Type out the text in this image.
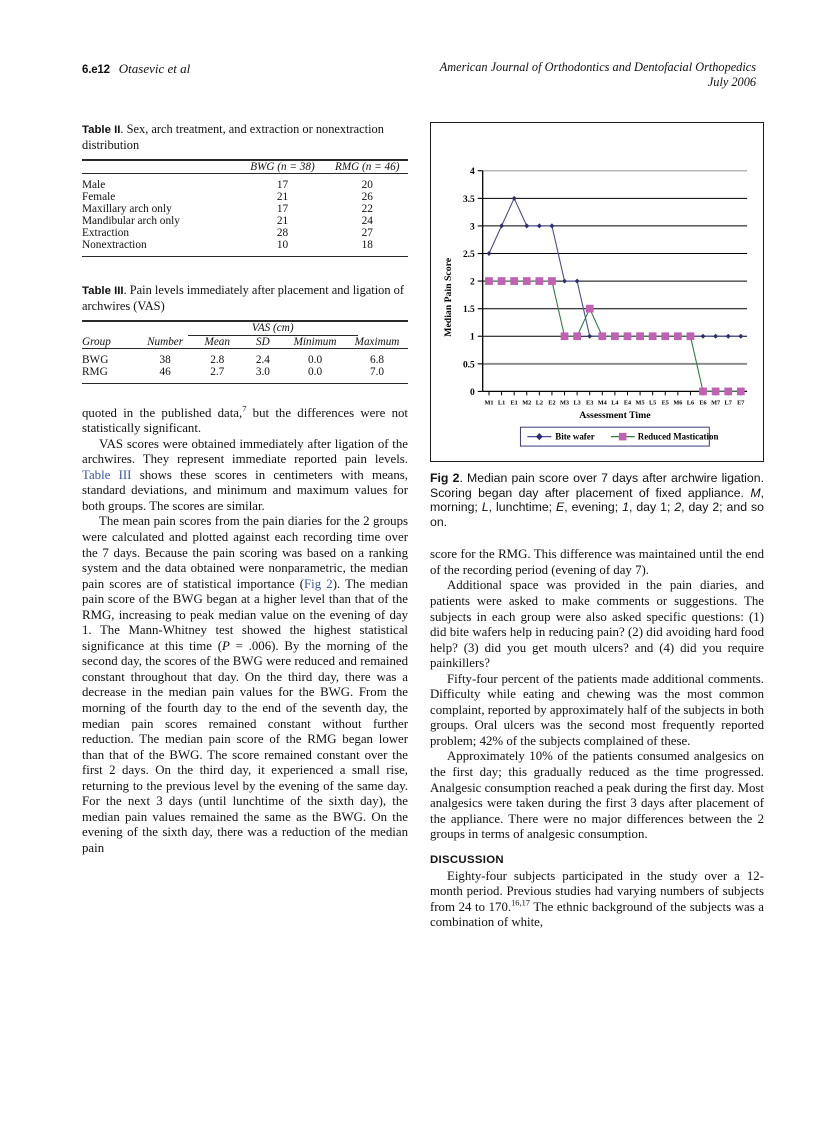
6.e12 Otasevic et al	American Journal of Orthodontics and Dentofacial Orthopedics
July 2006
Table II. Sex, arch treatment, and extraction or nonextraction distribution
	BWG (n = 38)	RMG (n = 46)
Male	17	20
Female	21	26
Maxillary arch only	17	22
Mandibular arch only	21	24
Extraction	28	27
Nonextraction	10	18
Table III. Pain levels immediately after placement and ligation of archwires (VAS)
	VAS (cm)				
Group	Number	Mean	SD	Minimum	Maximum
BWG	38	2.8	2.4	0.0	6.8
RMG	46	2.7	3.0	0.0	7.0

quoted in the published data,$^7$ but the differences were not statistically significant.

VAS scores were obtained immediately after ligation of the archwires. They represent immediate reported pain levels. Table III shows these scores in centimeters with means, standard deviations, and minimum and maximum values for both groups. The scores are similar.

The mean pain scores from the pain diaries for the 2 groups were calculated and plotted against each recording time over the 7 days. Because the pain scoring was based on a ranking system and the data obtained were nonparametric, the median pain scores are of statistical importance (Fig 2). The median pain score of the BWG began at a higher level than that of the RMG, increasing to peak median value on the evening of day 1. The Mann-Whitney test showed the highest statistical significance at this time (P = .006). By the morning of the second day, the scores of the BWG were reduced and remained constant throughout that day. On the third day, there was a decrease in the median pain values for the BWG. From the morning of the fourth day to the end of the seventh day, the median pain scores remained constant without further reduction. The median pain score of the RMG began lower than that of the BWG. The score remained constant over the first 2 days. On the third day, it experienced a small rise, returning to the previous level by the evening of the same day. For the next 3 days (until lunchtime of the sixth day), the median pain values remained the same as the BWG. On the evening of the sixth day, there was a reduction of the median pain

4
3.5
3
2.5
2
1.5
1
0.5
0
Median Pain Score
M1 L1 E1 M2 L2 E2 M3 L3 E3 M4 L4 E4 M5 L5 E5 M6 L6 E6 M7 L7 E7
Assessment Time
Bite wafer	Reduced Mastication
Fig 2. Median pain score over 7 days after archwire ligation. Scoring began day after placement of fixed appliance. M, morning; L, lunchtime; E, evening; 1, day 1; 2, day 2; and so on.

score for the RMG. This difference was maintained until the end of the recording period (evening of day 7).

Additional space was provided in the pain diaries, and patients were asked to make comments or suggestions. The subjects in each group were also asked specific questions: (1) did bite wafers help in reducing pain? (2) did avoiding hard food help? (3) did you get mouth ulcers? and (4) did you require painkillers?

Fifty-four percent of the patients made additional comments. Difficulty while eating and chewing was the most common complaint, reported by approximately half of the subjects in both groups. Oral ulcers was the second most frequently reported problem; 42% of the subjects complained of these.

Approximately 10% of the patients consumed analgesics on the first day; this gradually reduced as the time progressed. Analgesic consumption reached a peak during the first day. Most analgesics were taken during the first 3 days after placement of the appliance. There were no major differences between the 2 groups in terms of analgesic consumption.

DISCUSSION

Eighty-four subjects participated in the study over a 12-month period. Previous studies had varying numbers of subjects from 24 to 170.$^{16,17}$ The ethnic background of the subjects was a combination of white,
